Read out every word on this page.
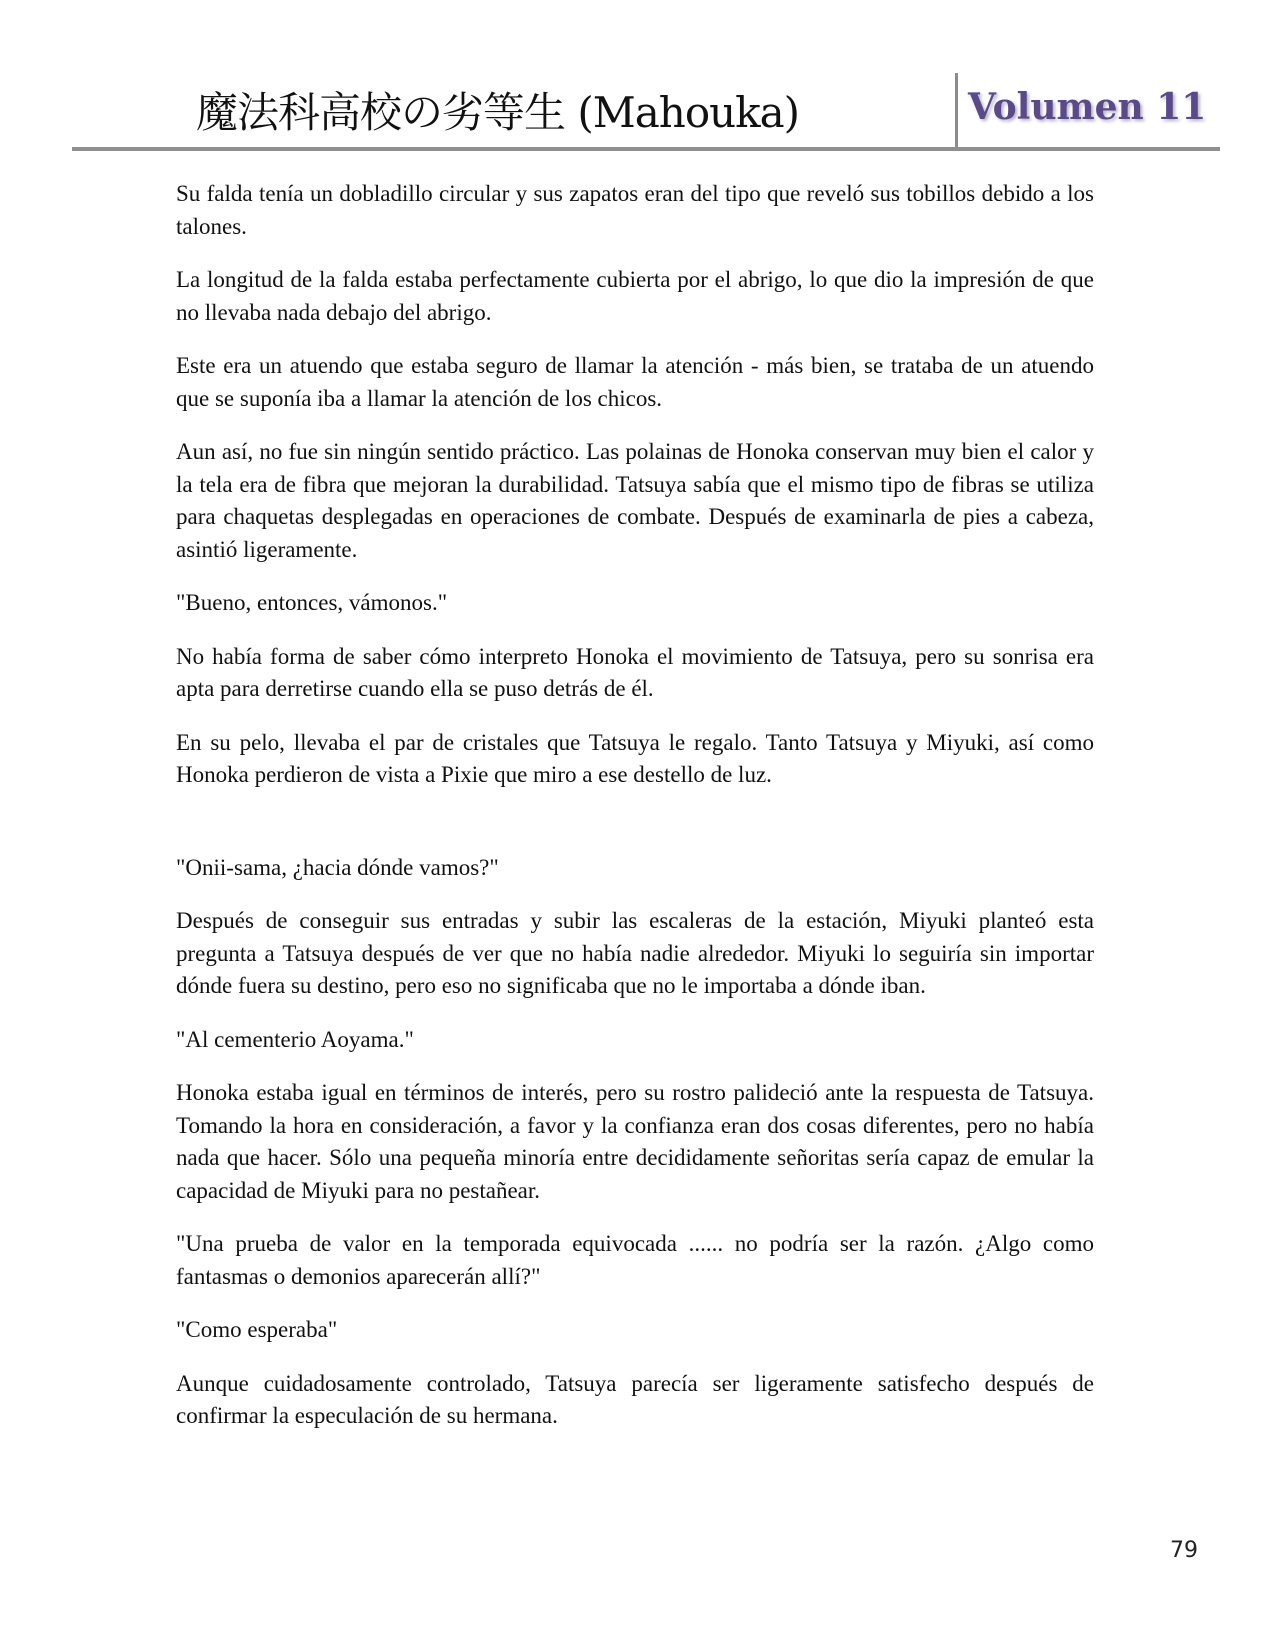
魔法科高校の劣等生 (Mahouka)	Volumen 11

Su falda tenía un dobladillo circular y sus zapatos eran del tipo que reveló sus tobillos debido a los talones.

La longitud de la falda estaba perfectamente cubierta por el abrigo, lo que dio la impresión de que no llevaba nada debajo del abrigo.

Este era un atuendo que estaba seguro de llamar la atención - más bien, se trataba de un atuendo que se suponía iba a llamar la atención de los chicos.

Aun así, no fue sin ningún sentido práctico. Las polainas de Honoka conservan muy bien el calor y la tela era de fibra que mejoran la durabilidad. Tatsuya sabía que el mismo tipo de fibras se utiliza para chaquetas desplegadas en operaciones de combate. Después de examinarla de pies a cabeza, asintió ligeramente.

"Bueno, entonces, vámonos."

No había forma de saber cómo interpreto Honoka el movimiento de Tatsuya, pero su sonrisa era apta para derretirse cuando ella se puso detrás de él.

En su pelo, llevaba el par de cristales que Tatsuya le regalo. Tanto Tatsuya y Miyuki, así como Honoka perdieron de vista a Pixie que miro a ese destello de luz.

"Onii-sama, ¿hacia dónde vamos?"

Después de conseguir sus entradas y subir las escaleras de la estación, Miyuki planteó esta pregunta a Tatsuya después de ver que no había nadie alrededor. Miyuki lo seguiría sin importar dónde fuera su destino, pero eso no significaba que no le importaba a dónde iban.

"Al cementerio Aoyama."

Honoka estaba igual en términos de interés, pero su rostro palideció ante la respuesta de Tatsuya. Tomando la hora en consideración, a favor y la confianza eran dos cosas diferentes, pero no había nada que hacer. Sólo una pequeña minoría entre decididamente señoritas sería capaz de emular la capacidad de Miyuki para no pestañear.

"Una prueba de valor en la temporada equivocada ...... no podría ser la razón. ¿Algo como fantasmas o demonios aparecerán allí?"

"Como esperaba"

Aunque cuidadosamente controlado, Tatsuya parecía ser ligeramente satisfecho después de confirmar la especulación de su hermana.

79
